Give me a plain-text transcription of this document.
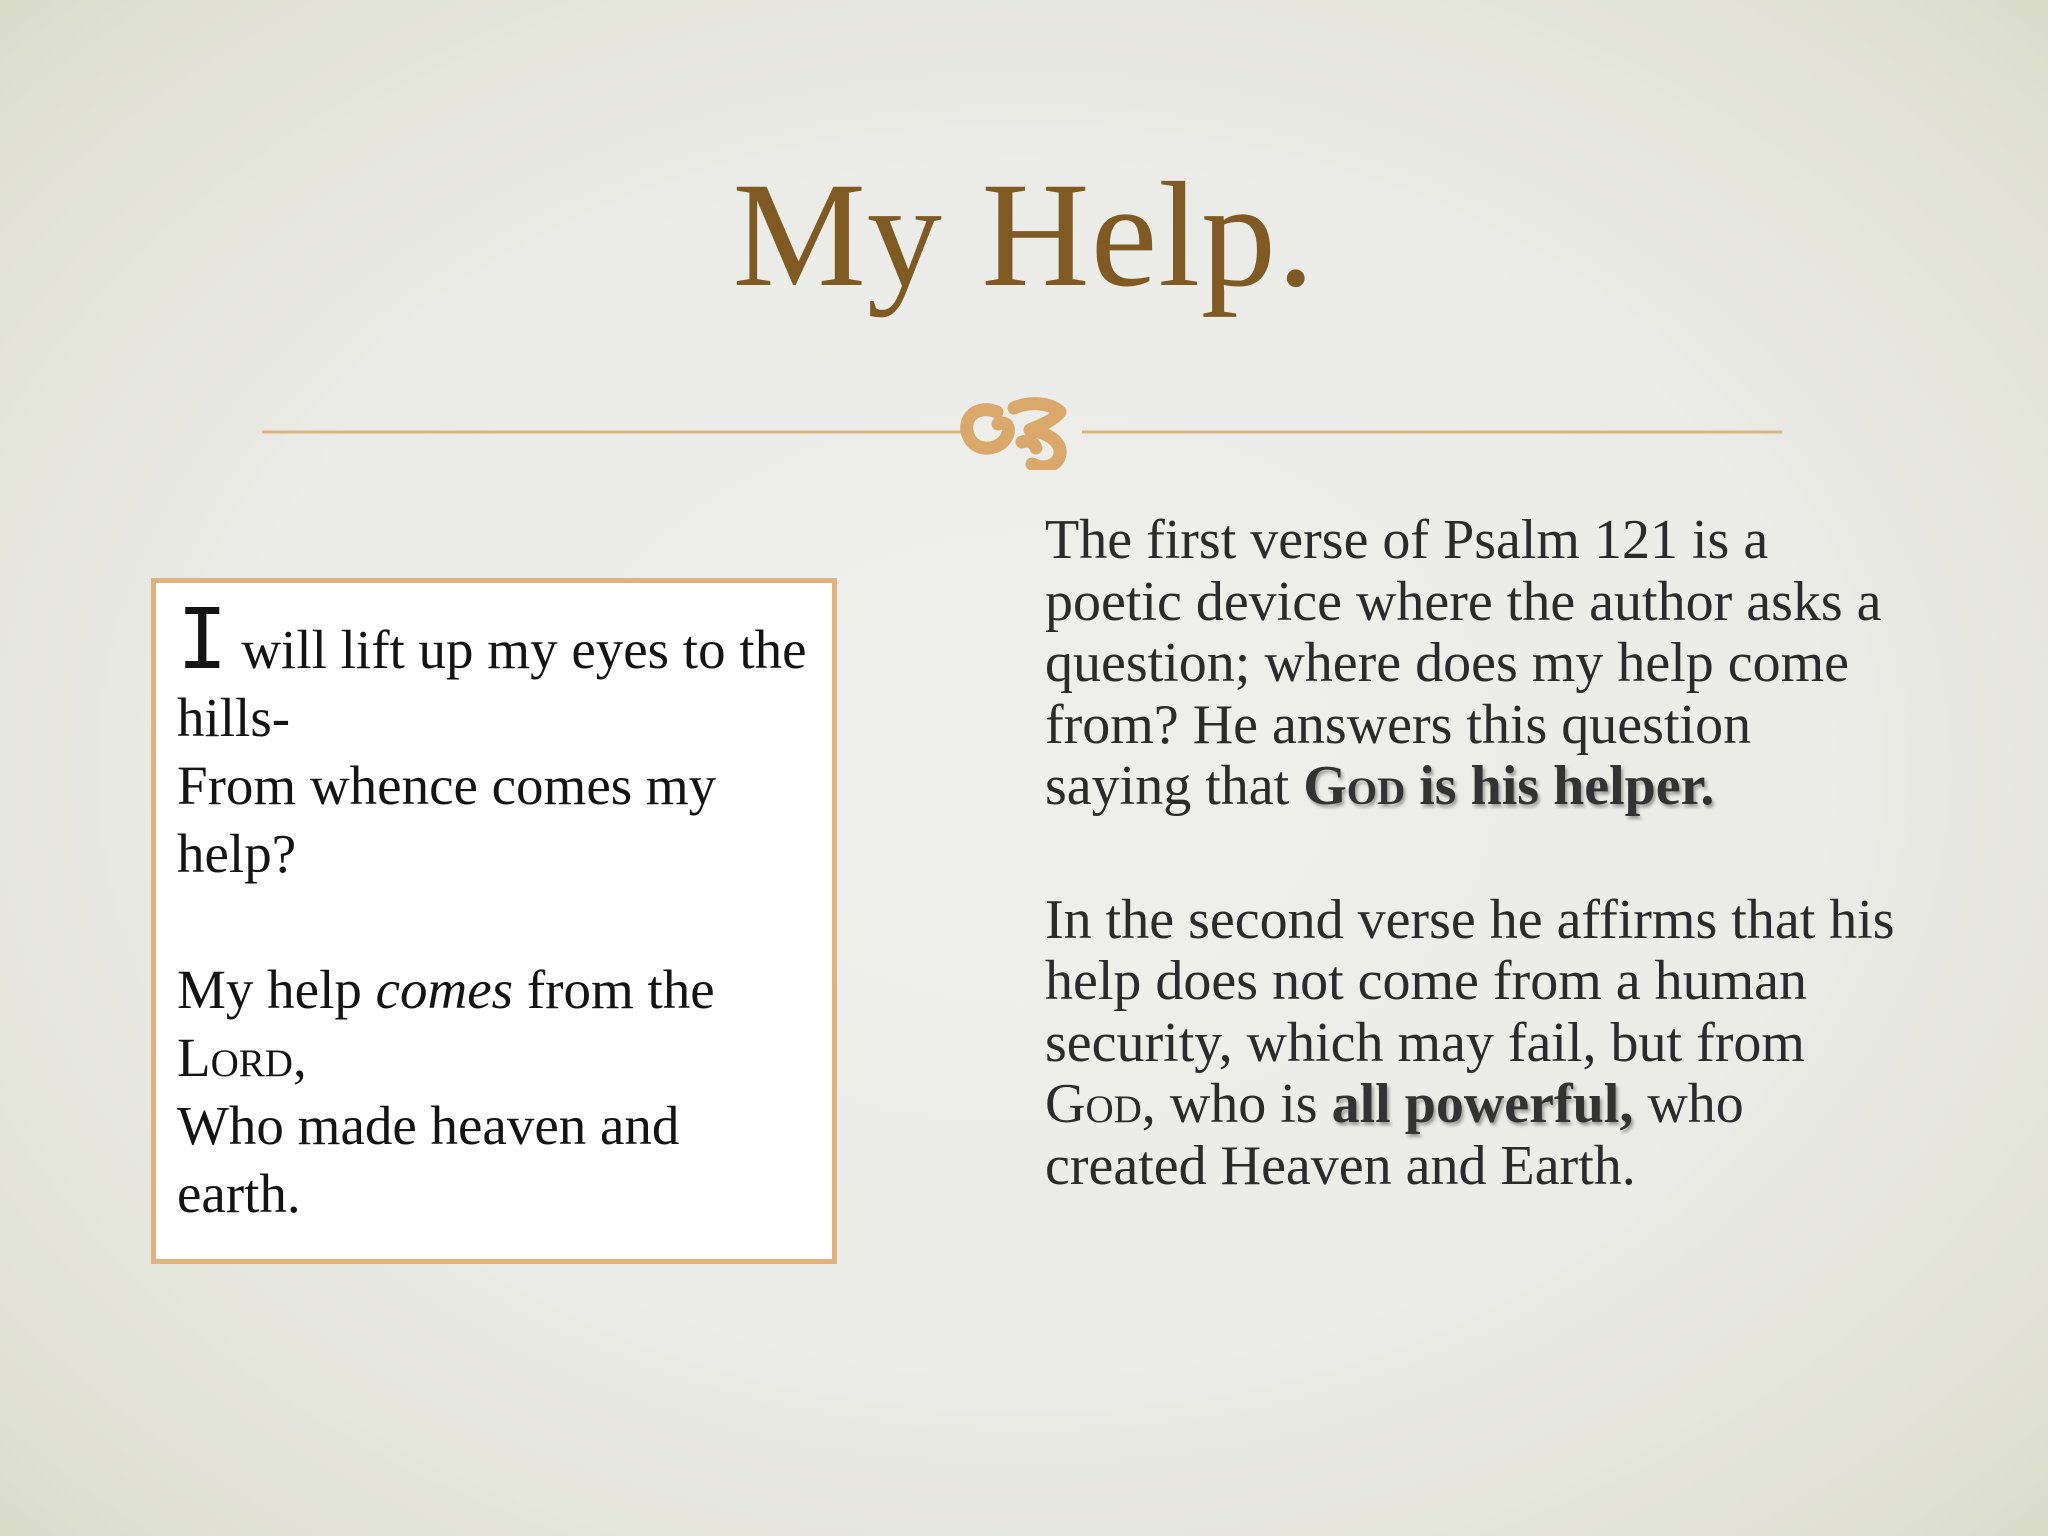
My Help.
I will lift up my eyes to the hills-
From whence comes my help?
My help comes from the Lord,
Who made heaven and earth.

The first verse of Psalm 121 is a poetic device where the author asks a question; where does my help come from? He answers this question saying that God is his helper.

In the second verse he affirms that his help does not come from a human security, which may fail, but from God, who is all powerful, who created Heaven and Earth.
